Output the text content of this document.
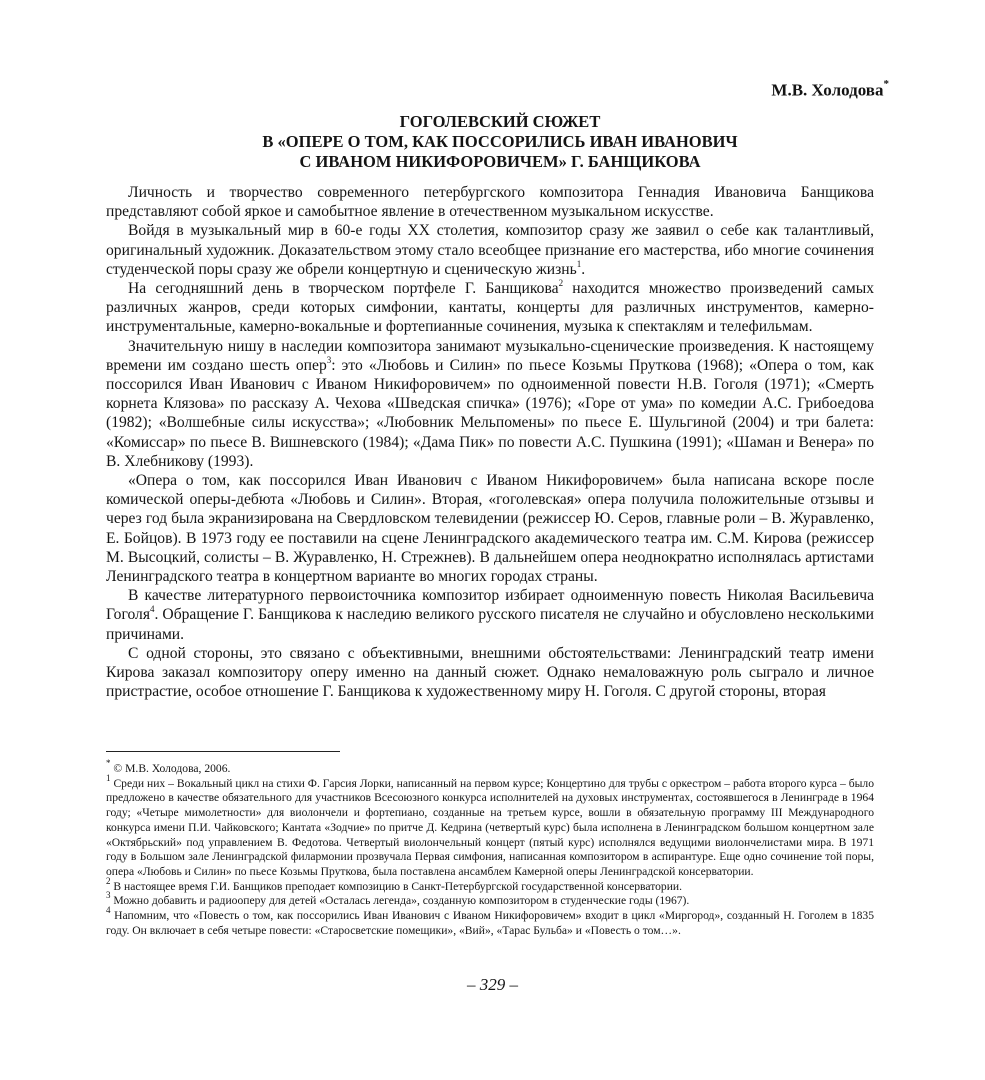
М.В. Холодова*
ГОГОЛЕВСКИЙ СЮЖЕТ
В «ОПЕРЕ О ТОМ, КАК ПОССОРИЛИСЬ ИВАН ИВАНОВИЧ
С ИВАНОМ НИКИФОРОВИЧЕМ» Г. БАНЩИКОВА

Личность и творчество современного петербургского композитора Геннадия Ивановича Банщикова представляют собой яркое и самобытное явление в отечественном музыкальном искусстве.

Войдя в музыкальный мир в 60-е годы ХХ столетия, композитор сразу же заявил о себе как талантливый, оригинальный художник. Доказательством этому стало всеобщее признание его мастерства, ибо многие сочинения студенческой поры сразу же обрели концертную и сценическую жизнь$^1$.

На сегодняшний день в творческом портфеле Г. Банщикова$^2$ находится множество произведений самых различных жанров, среди которых симфонии, кантаты, концерты для различных инструментов, камерно-инструментальные, камерно-вокальные и фортепианные сочинения, музыка к спектаклям и телефильмам.

Значительную нишу в наследии композитора занимают музыкально-сценические произведения. К настоящему времени им создано шесть опер$^3$: это «Любовь и Силин» по пьесе Козьмы Пруткова (1968); «Опера о том, как поссорился Иван Иванович с Иваном Никифоровичем» по одноименной повести Н.В. Гоголя (1971); «Смерть корнета Клязова» по рассказу А. Чехова «Шведская спичка» (1976); «Горе от ума» по комедии А.С. Грибоедова (1982); «Волшебные силы искусства»; «Любовник Мельпомены» по пьесе Е. Шульгиной (2004) и три балета: «Комиссар» по пьесе В. Вишневского (1984); «Дама Пик» по повести А.С. Пушкина (1991); «Шаман и Венера» по В. Хлебникову (1993).

«Опера о том, как поссорился Иван Иванович с Иваном Никифоровичем» была написана вскоре после комической оперы-дебюта «Любовь и Силин». Вторая, «гоголевская» опера получила положительные отзывы и через год была экранизирована на Свердловском телевидении (режиссер Ю. Серов, главные роли – В. Журавленко, Е. Бойцов). В 1973 году ее поставили на сцене Ленинградского академического театра им. С.М. Кирова (режиссер М. Высоцкий, солисты – В. Журавленко, Н. Стрежнев). В дальнейшем опера неоднократно исполнялась артистами Ленинградского театра в концертном варианте во многих городах страны.

В качестве литературного первоисточника композитор избирает одноименную повесть Николая Васильевича Гоголя$^4$. Обращение Г. Банщикова к наследию великого русского писателя не случайно и обусловлено несколькими причинами.

С одной стороны, это связано с объективными, внешними обстоятельствами: Ленинградский театр имени Кирова заказал композитору оперу именно на данный сюжет. Однако немаловажную роль сыграло и личное пристрастие, особое отношение Г. Банщикова к художественному миру Н. Гоголя. С другой стороны, вторая

* © М.В. Холодова, 2006.

$^1$ Среди них – Вокальный цикл на стихи Ф. Гарсия Лорки, написанный на первом курсе; Концертино для трубы с оркестром – работа второго курса – было предложено в качестве обязательного для участников Всесоюзного конкурса исполнителей на духовых инструментах, состоявшегося в Ленинграде в 1964 году; «Четыре мимолетности» для виолончели и фортепиано, созданные на третьем курсе, вошли в обязательную программу III Международного конкурса имени П.И. Чайковского; Кантата «Зодчие» по притче Д. Кедрина (четвертый курс) была исполнена в Ленинградском большом концертном зале «Октябрьский» под управлением В. Федотова. Четвертый виолончельный концерт (пятый курс) исполнялся ведущими виолончелистами мира. В 1971 году в Большом зале Ленинградской филармонии прозвучала Первая симфония, написанная композитором в аспирантуре. Еще одно сочинение той поры, опера «Любовь и Силин» по пьесе Козьмы Пруткова, была поставлена ансамблем Камерной оперы Ленинградской консерватории.

$^2$ В настоящее время Г.И. Банщиков преподает композицию в Санкт-Петербургской государственной консерватории.

$^3$ Можно добавить и радиооперу для детей «Осталась легенда», созданную композитором в студенческие годы (1967).

$^4$ Напомним, что «Повесть о том, как поссорились Иван Иванович с Иваном Никифоровичем» входит в цикл «Миргород», созданный Н. Гоголем в 1835 году. Он включает в себя четыре повести: «Старосветские помещики», «Вий», «Тарас Бульба» и «Повесть о том…».

– 329 –
